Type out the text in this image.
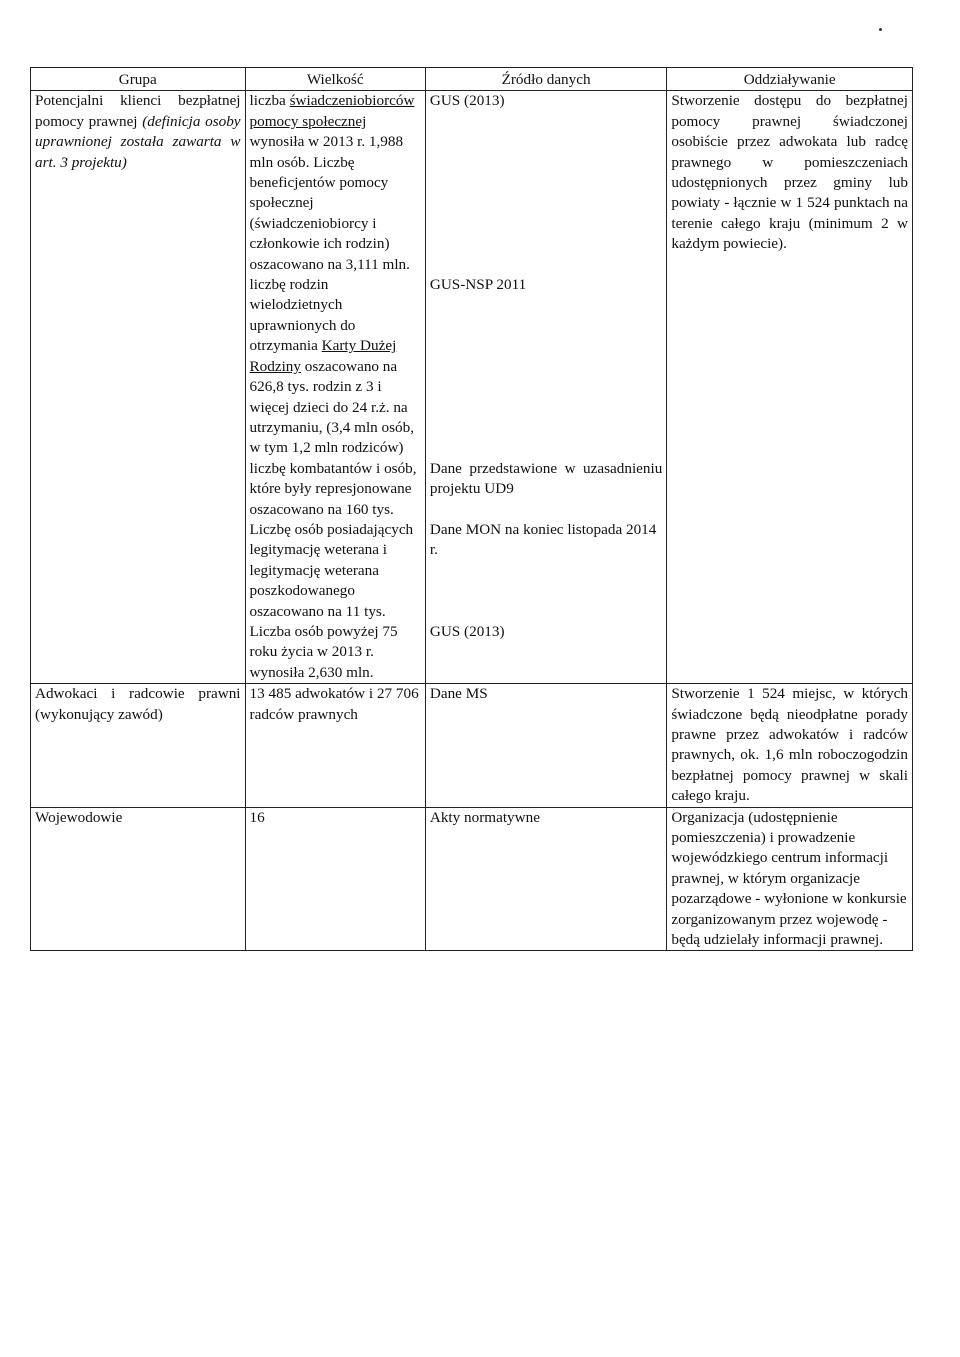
Grupa	Wielkość	Źródło danych	Oddziaływanie
Potencjalni klienci bezpłatnej pomocy prawnej (definicja osoby uprawnionej została zawarta w art. 3 projektu)	liczba świadczeniobiorców pomocy społecznej wynosiła w 2013 r. 1,988 mln osób. Liczbę beneficjentów pomocy społecznej (świadczeniobiorcy i członkowie ich rodzin) oszacowano na 3,111 mln.	GUS (2013)	Stworzenie dostępu do bezpłatnej pomocy prawnej świadczonej osobiście przez adwokata lub radcę prawnego w pomieszczeniach udostępnionych przez gminy lub powiaty - łącznie w 1 524 punktach na terenie całego kraju (minimum 2 w każdym powiecie).
	liczbę rodzin wielodzietnych uprawnionych do otrzymania Karty Dużej Rodziny oszacowano na 626,8 tys. rodzin z 3 i więcej dzieci do 24 r.ż. na utrzymaniu, (3,4 mln osób, w tym 1,2 mln rodziców)	GUS-NSP 2011	
	liczbę kombatantów i osób, które były represjonowane oszacowano na 160 tys.	Dane przedstawione w uzasadnieniu projektu UD9	
	Liczbę osób posiadających legitymację weterana i legitymację weterana poszkodowanego oszacowano na 11 tys.	Dane MON na koniec listopada 2014 r.	
	Liczba osób powyżej 75 roku życia w 2013 r. wynosiła 2,630 mln.	GUS (2013)	
Adwokaci i radcowie prawni (wykonujący zawód)	13 485 adwokatów i 27 706 radców prawnych	Dane MS	Stworzenie 1 524 miejsc, w których świadczone będą nieodpłatne porady prawne przez adwokatów i radców prawnych, ok. 1,6 mln roboczogodzin bezpłatnej pomocy prawnej w skali całego kraju.
Wojewodowie	16	Akty normatywne	Organizacja (udostępnienie pomieszczenia) i prowadzenie wojewódzkiego centrum informacji prawnej, w którym organizacje pozarządowe - wyłonione w konkursie zorganizowanym przez wojewodę - będą udzielały informacji prawnej.
